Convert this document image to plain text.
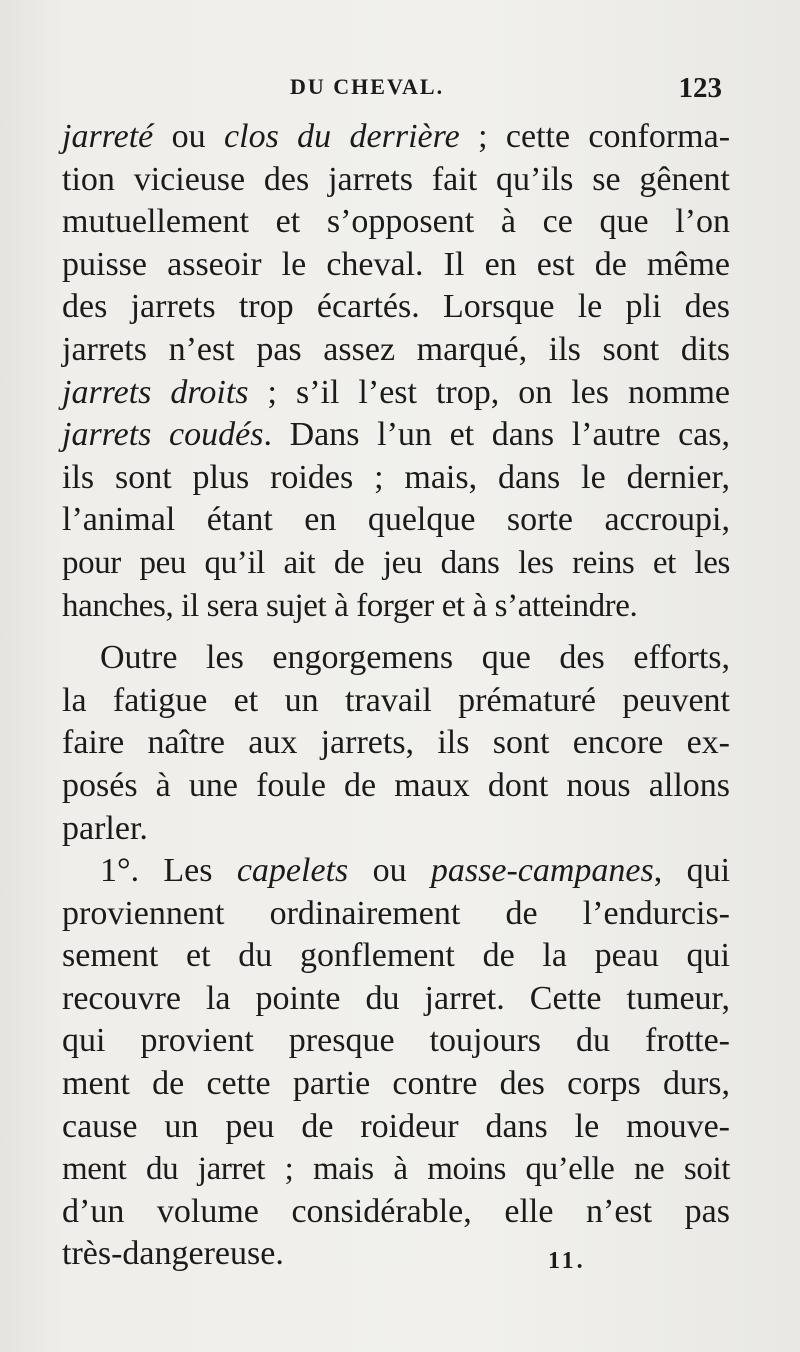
DU CHEVAL.	123
jarreté ou clos du derrière ; cette conforma-
tion vicieuse des jarrets fait qu’ils se gênent
mutuellement et s’opposent à ce que l’on
puisse asseoir le cheval. Il en est de même
des jarrets trop écartés. Lorsque le pli des
jarrets n’est pas assez marqué, ils sont dits
jarrets droits ; s’il l’est trop, on les nomme
jarrets coudés. Dans l’un et dans l’autre cas,
ils sont plus roides ; mais, dans le dernier,
l’animal étant en quelque sorte accroupi,
pour peu qu’il ait de jeu dans les reins et les
hanches, il sera sujet à forger et à s’atteindre.
Outre les engorgemens que des efforts,
la fatigue et un travail prématuré peuvent
faire naître aux jarrets, ils sont encore ex-
posés à une foule de maux dont nous allons
parler.
1°. Les capelets ou passe-campanes, qui
proviennent ordinairement de l’endurcis-
sement et du gonflement de la peau qui
recouvre la pointe du jarret. Cette tumeur,
qui provient presque toujours du frotte-
ment de cette partie contre des corps durs,
cause un peu de roideur dans le mouve-
ment du jarret ; mais à moins qu’elle ne soit
d’un volume considérable, elle n’est pas
très-dangereuse.	11.
